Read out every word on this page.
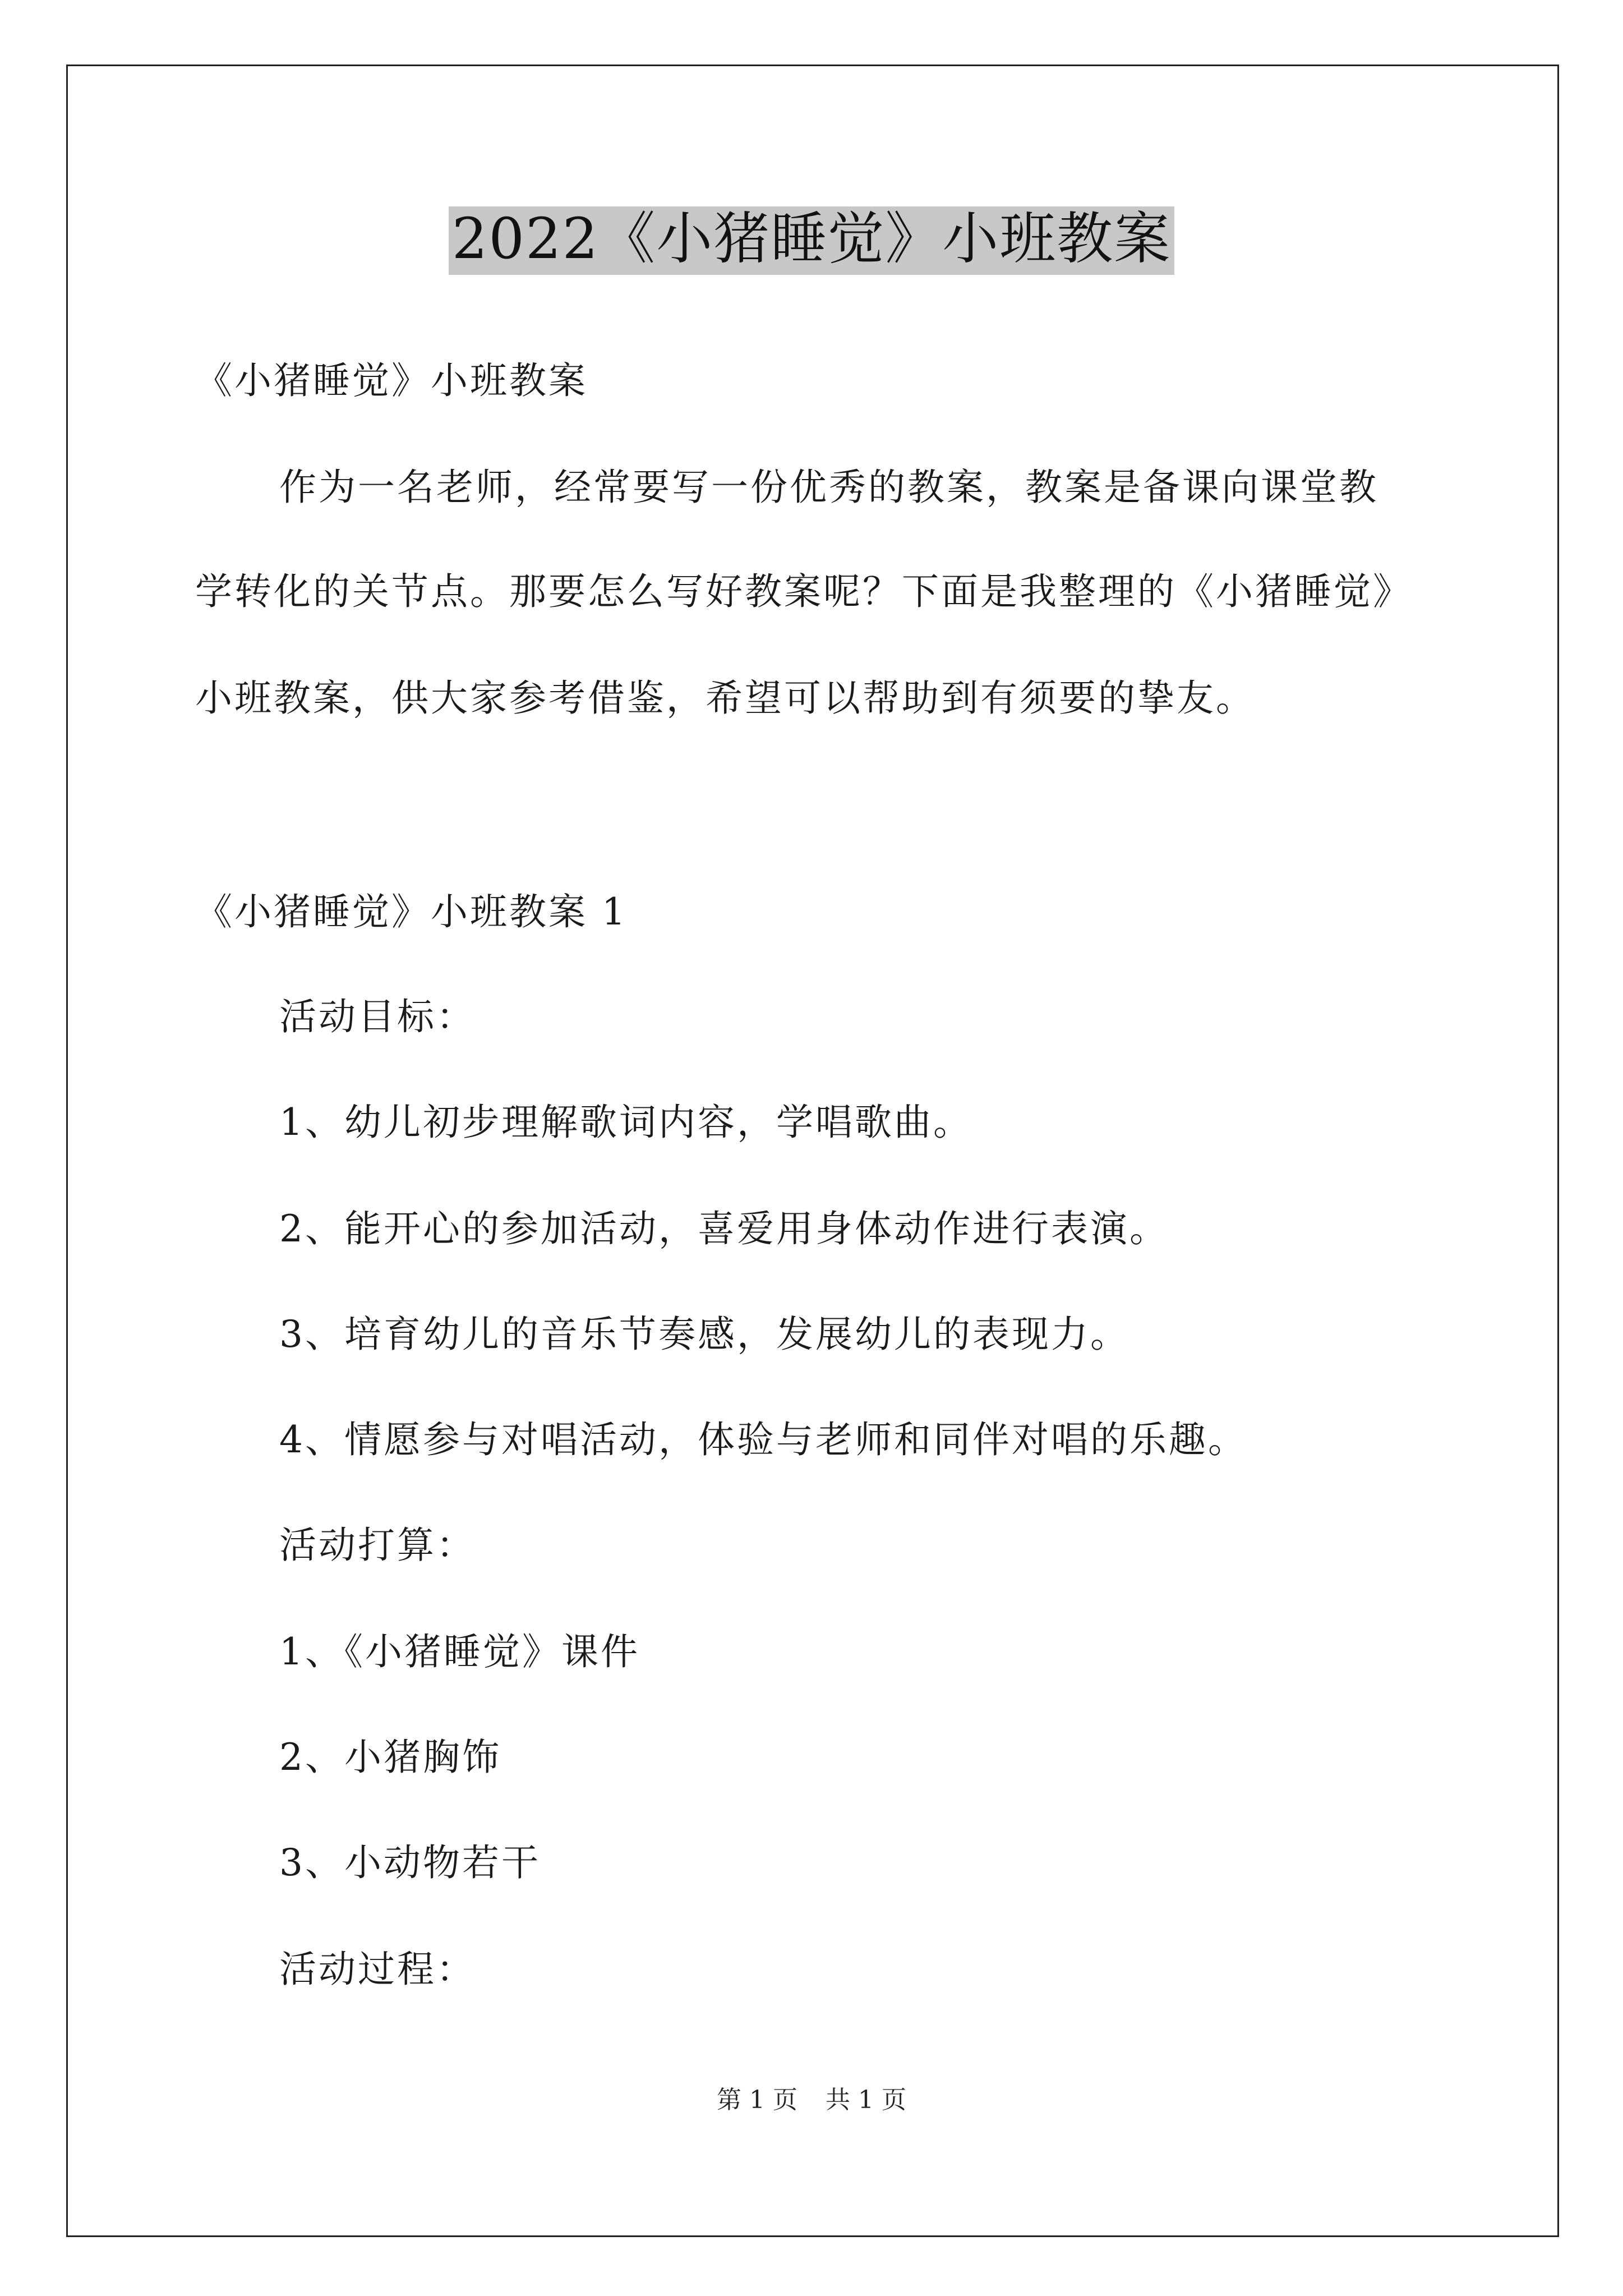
2022《小猪睡觉》小班教案
《小猪睡觉》小班教案
作为一名老师，经常要写一份优秀的教案，教案是备课向课堂教
学转化的关节点。那要怎么写好教案呢？下面是我整理的《小猪睡觉》
小班教案，供大家参考借鉴，希望可以帮助到有须要的挚友。
《小猪睡觉》小班教案 1
活动目标：
1、幼儿初步理解歌词内容，学唱歌曲。
2、能开心的参加活动，喜爱用身体动作进行表演。
3、培育幼儿的音乐节奏感，发展幼儿的表现力。
4、情愿参与对唱活动，体验与老师和同伴对唱的乐趣。
活动打算：
1、《小猪睡觉》课件
2、小猪胸饰
3、小动物若干
活动过程：
第 1 页 共 1 页
